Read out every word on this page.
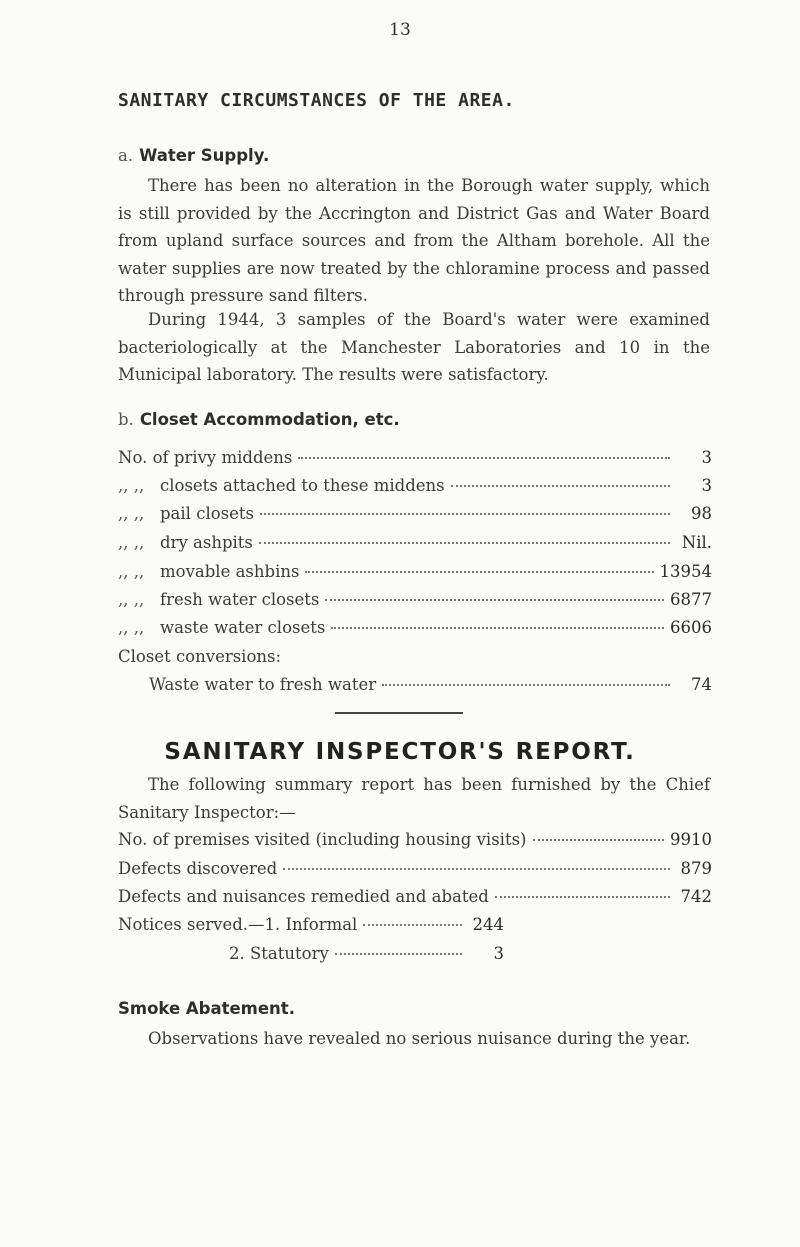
13
SANITARY CIRCUMSTANCES OF THE AREA.
a. Water Supply.
There has been no alteration in the Borough water supply, which is still provided by the Accrington and District Gas and Water Board from upland surface sources and from the Altham borehole. All the water supplies are now treated by the chloramine process and passed through pressure sand filters.
During 1944, 3 samples of the Board's water were examined bacteriologically at the Manchester Laboratories and 10 in the Municipal laboratory. The results were satisfactory.
b. Closet Accommodation, etc.
No. of privy middens	3
,, ,, closets attached to these middens	3
,, ,, pail closets	98
,, ,, dry ashpits	Nil.
,, ,, movable ashbins	13954
,, ,, fresh water closets	6877
,, ,, waste water closets	6606
Closet conversions:
Waste water to fresh water	74
SANITARY INSPECTOR'S REPORT.
The following summary report has been furnished by the Chief Sanitary Inspector:—
No. of premises visited (including housing visits)	9910
Defects discovered	879
Defects and nuisances remedied and abated	742
Notices served.—1. Informal	244
2. Statutory	3
Smoke Abatement.
Observations have revealed no serious nuisance during the year.
